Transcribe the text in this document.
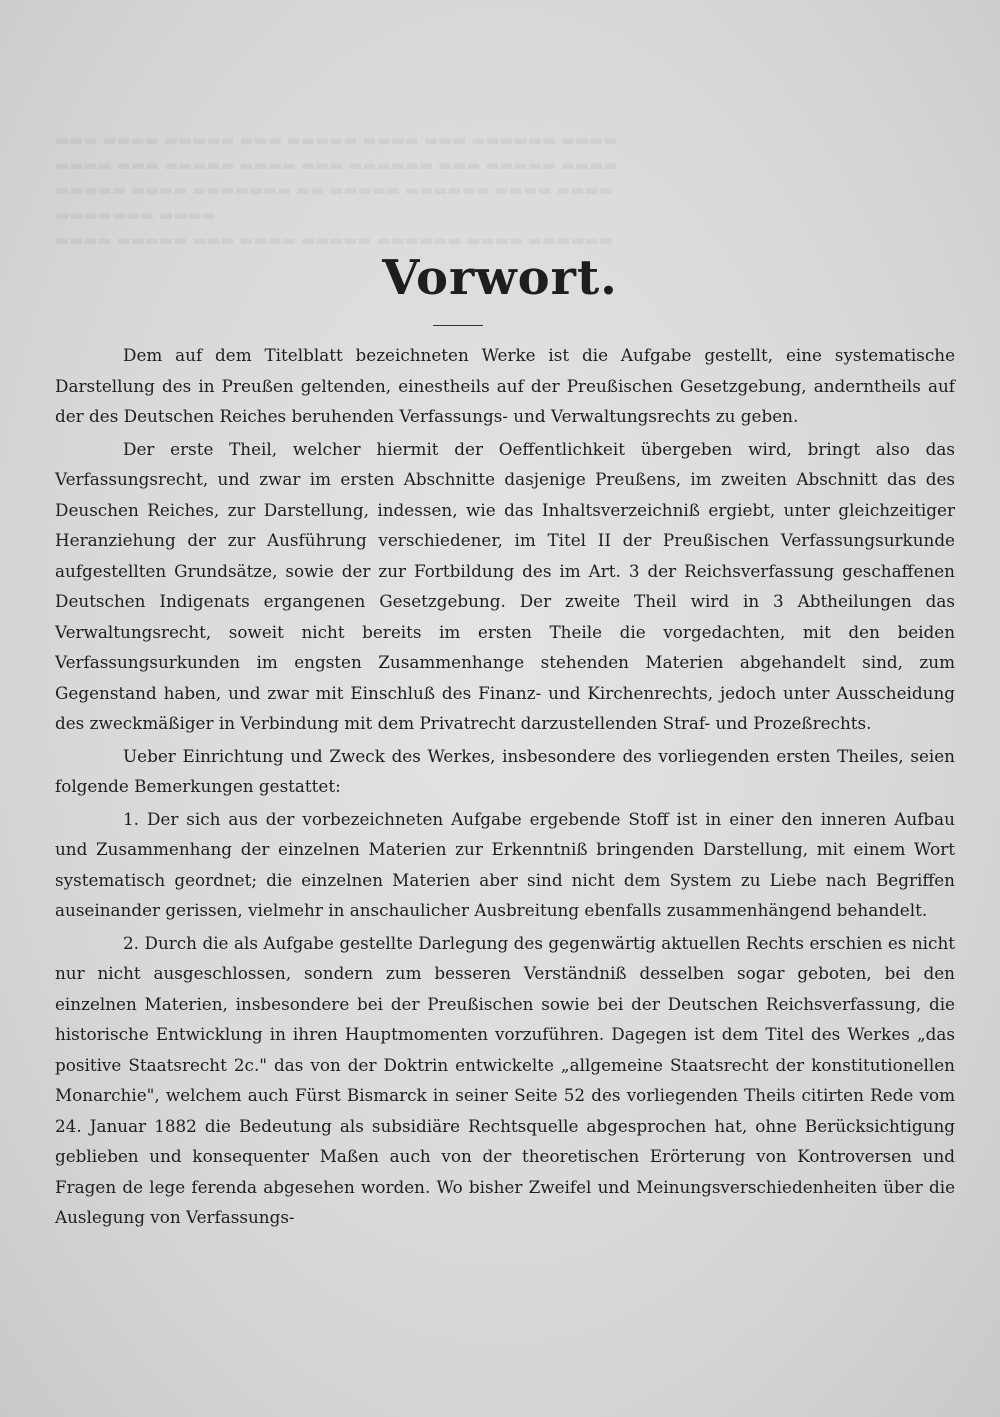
▬▬▬ ▬▬▬▬ ▬▬▬▬▬ ▬▬▬ ▬▬▬▬▬ ▬▬▬▬ ▬▬▬ ▬▬▬▬▬▬ ▬▬▬▬
▬▬▬▬ ▬▬▬ ▬▬▬▬▬ ▬▬▬▬ ▬▬▬ ▬▬▬▬▬▬ ▬▬▬ ▬▬▬▬▬ ▬▬▬▬
▬▬▬▬▬ ▬▬▬▬ ▬▬▬▬▬▬▬ ▬▬ ▬▬▬▬▬ ▬▬▬▬▬▬ ▬▬▬▬ ▬▬▬▬
▬▬▬▬▬▬▬ ▬▬▬▬
▬▬▬▬ ▬▬▬▬▬ ▬▬▬ ▬▬▬▬ ▬▬▬▬▬ ▬▬▬▬▬▬ ▬▬▬▬ ▬▬▬▬▬▬
Vorwort.

Dem auf dem Titelblatt bezeichneten Werke ist die Aufgabe gestellt, eine systematische Darstellung des in Preußen geltenden, einestheils auf der Preußischen Gesetzgebung, anderntheils auf der des Deutschen Reiches beruhenden Verfassungs- und Verwaltungsrechts zu geben.

Der erste Theil, welcher hiermit der Oeffentlichkeit übergeben wird, bringt also das Verfassungsrecht, und zwar im ersten Abschnitte dasjenige Preußens, im zweiten Abschnitt das des Deuschen Reiches, zur Darstellung, indessen, wie das Inhaltsverzeichniß ergiebt, unter gleichzeitiger Heranziehung der zur Ausführung verschiedener, im Titel II der Preußischen Verfassungsurkunde aufgestellten Grundsätze, sowie der zur Fortbildung des im Art. 3 der Reichsverfassung geschaffenen Deutschen Indigenats ergangenen Gesetzgebung. Der zweite Theil wird in 3 Abtheilungen das Verwaltungsrecht, soweit nicht bereits im ersten Theile die vorgedachten, mit den beiden Verfassungsurkunden im engsten Zusammenhange stehenden Materien abgehandelt sind, zum Gegenstand haben, und zwar mit Einschluß des Finanz- und Kirchenrechts, jedoch unter Ausscheidung des zweckmäßiger in Verbindung mit dem Privatrecht darzustellenden Straf- und Prozeßrechts.

Ueber Einrichtung und Zweck des Werkes, insbesondere des vorliegenden ersten Theiles, seien folgende Bemerkungen gestattet:

1. Der sich aus der vorbezeichneten Aufgabe ergebende Stoff ist in einer den inneren Aufbau und Zusammenhang der einzelnen Materien zur Erkenntniß bringenden Darstellung, mit einem Wort systematisch geordnet; die einzelnen Materien aber sind nicht dem System zu Liebe nach Begriffen auseinander gerissen, vielmehr in anschaulicher Ausbreitung ebenfalls zusammenhängend behandelt.

2. Durch die als Aufgabe gestellte Darlegung des gegenwärtig aktuellen Rechts erschien es nicht nur nicht ausgeschlossen, sondern zum besseren Verständniß desselben sogar geboten, bei den einzelnen Materien, insbesondere bei der Preußischen sowie bei der Deutschen Reichsverfassung, die historische Entwicklung in ihren Hauptmomenten vorzuführen. Dagegen ist dem Titel des Werkes „das positive Staatsrecht 2c." das von der Doktrin entwickelte „allgemeine Staatsrecht der konstitutionellen Monarchie", welchem auch Fürst Bismarck in seiner Seite 52 des vorliegenden Theils citirten Rede vom 24. Januar 1882 die Bedeutung als subsidiäre Rechtsquelle abgesprochen hat, ohne Berücksichtigung geblieben und konsequenter Maßen auch von der theoretischen Erörterung von Kontroversen und Fragen de lege ferenda abgesehen worden. Wo bisher Zweifel und Meinungsverschiedenheiten über die Auslegung von Verfassungs-
